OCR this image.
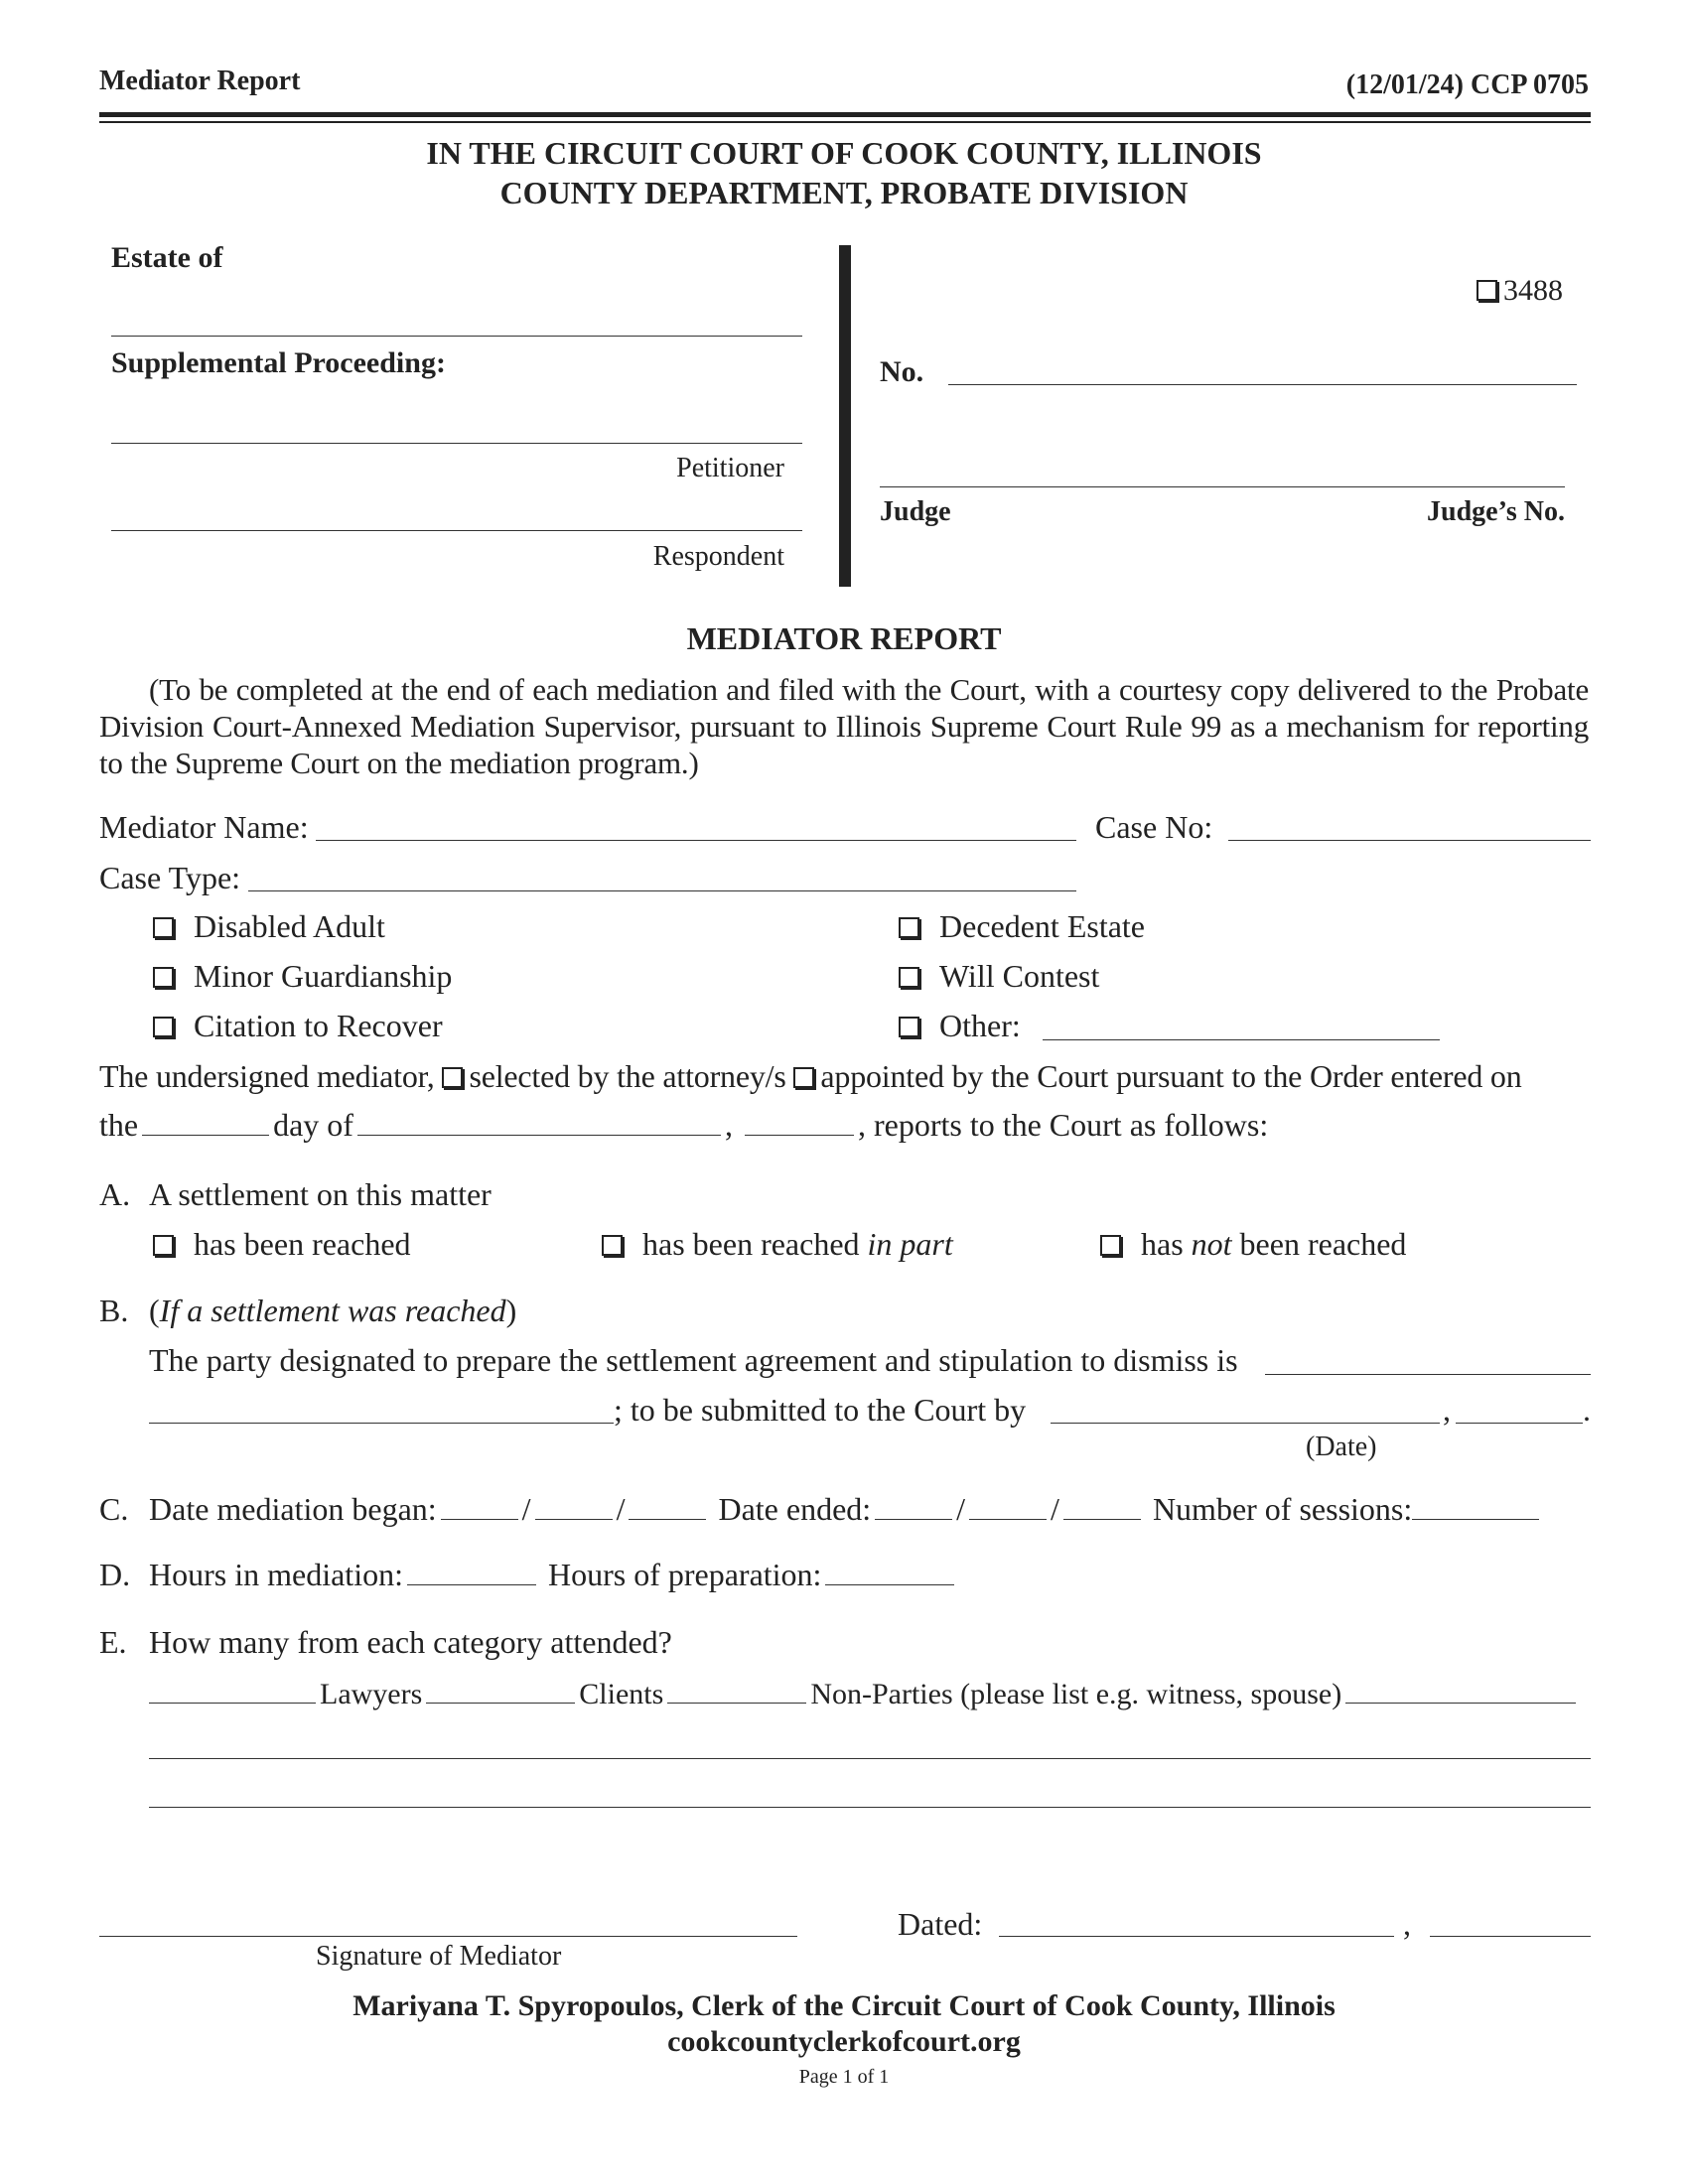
Mediator Report	(12/01/24) CCP 0705
IN THE CIRCUIT COURT OF COOK COUNTY, ILLINOIS
COUNTY DEPARTMENT, PROBATE DIVISION
Estate of
Supplemental Proceeding:
Petitioner
Respondent
3488
No.
Judge	Judge’s No.
MEDIATOR REPORT
(To be completed at the end of each mediation and filed with the Court, with a courtesy copy delivered to the Probate Division Court-Annexed Mediation Supervisor, pursuant to Illinois Supreme Court Rule 99 as a mechanism for reporting to the Supreme Court on the mediation program.)
Mediator Name:	Case No:
Case Type:
Disabled Adult
Minor Guardianship
Citation to Recover
Decedent Estate
Will Contest
Other:
The undersigned mediator, selected by the attorney/s appointed by the Court pursuant to the Order entered on
the	day of	,	, reports to the Court as follows:
A. A settlement on this matter
has been reached	has been reached in part	has not been reached
B. (If a settlement was reached)
The party designated to prepare the settlement agreement and stipulation to dismiss is
; to be submitted to the Court by	,	.
(Date)
C. Date mediation began:	/	/	Date ended:	/	/	Number of sessions:
D. Hours in mediation:	Hours of preparation:
E. How many from each category attended?
Lawyers	Clients	Non-Parties (please list e.g. witness, spouse)
Signature of Mediator
Dated:	,
Mariyana T. Spyropoulos, Clerk of the Circuit Court of Cook County, Illinois
cookcountyclerkofcourt.org
Page 1 of 1
